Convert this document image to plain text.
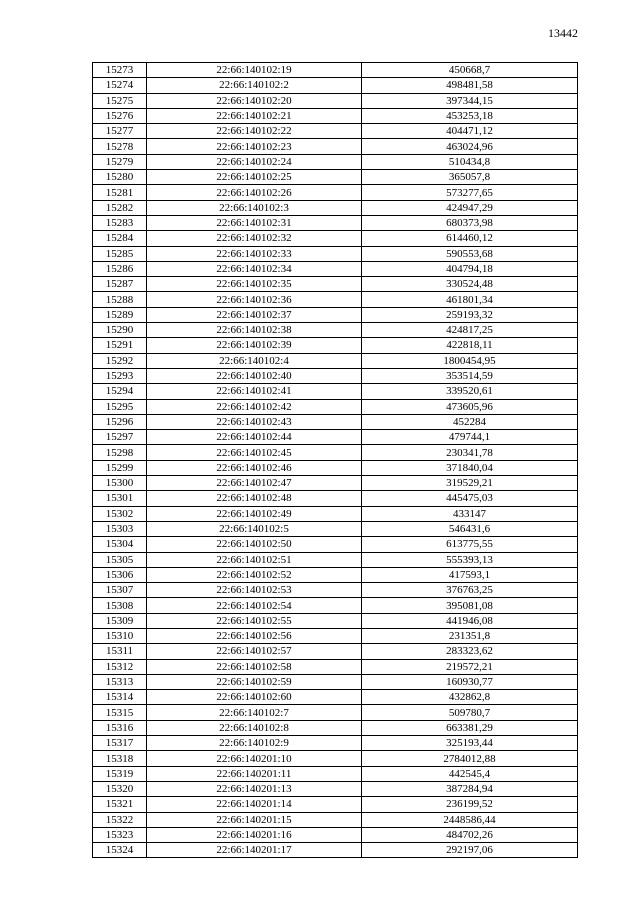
13442
15273	22:66:140102:19	450668,7
15274	22:66:140102:2	498481,58
15275	22:66:140102:20	397344,15
15276	22:66:140102:21	453253,18
15277	22:66:140102:22	404471,12
15278	22:66:140102:23	463024,96
15279	22:66:140102:24	510434,8
15280	22:66:140102:25	365057,8
15281	22:66:140102:26	573277,65
15282	22:66:140102:3	424947,29
15283	22:66:140102:31	680373,98
15284	22:66:140102:32	614460,12
15285	22:66:140102:33	590553,68
15286	22:66:140102:34	404794,18
15287	22:66:140102:35	330524,48
15288	22:66:140102:36	461801,34
15289	22:66:140102:37	259193,32
15290	22:66:140102:38	424817,25
15291	22:66:140102:39	422818,11
15292	22:66:140102:4	1800454,95
15293	22:66:140102:40	353514,59
15294	22:66:140102:41	339520,61
15295	22:66:140102:42	473605,96
15296	22:66:140102:43	452284
15297	22:66:140102:44	479744,1
15298	22:66:140102:45	230341,78
15299	22:66:140102:46	371840,04
15300	22:66:140102:47	319529,21
15301	22:66:140102:48	445475,03
15302	22:66:140102:49	433147
15303	22:66:140102:5	546431,6
15304	22:66:140102:50	613775,55
15305	22:66:140102:51	555393,13
15306	22:66:140102:52	417593,1
15307	22:66:140102:53	376763,25
15308	22:66:140102:54	395081,08
15309	22:66:140102:55	441946,08
15310	22:66:140102:56	231351,8
15311	22:66:140102:57	283323,62
15312	22:66:140102:58	219572,21
15313	22:66:140102:59	160930,77
15314	22:66:140102:60	432862,8
15315	22:66:140102:7	509780,7
15316	22:66:140102:8	663381,29
15317	22:66:140102:9	325193,44
15318	22:66:140201:10	2784012,88
15319	22:66:140201:11	442545,4
15320	22:66:140201:13	387284,94
15321	22:66:140201:14	236199,52
15322	22:66:140201:15	2448586,44
15323	22:66:140201:16	484702,26
15324	22:66:140201:17	292197,06
